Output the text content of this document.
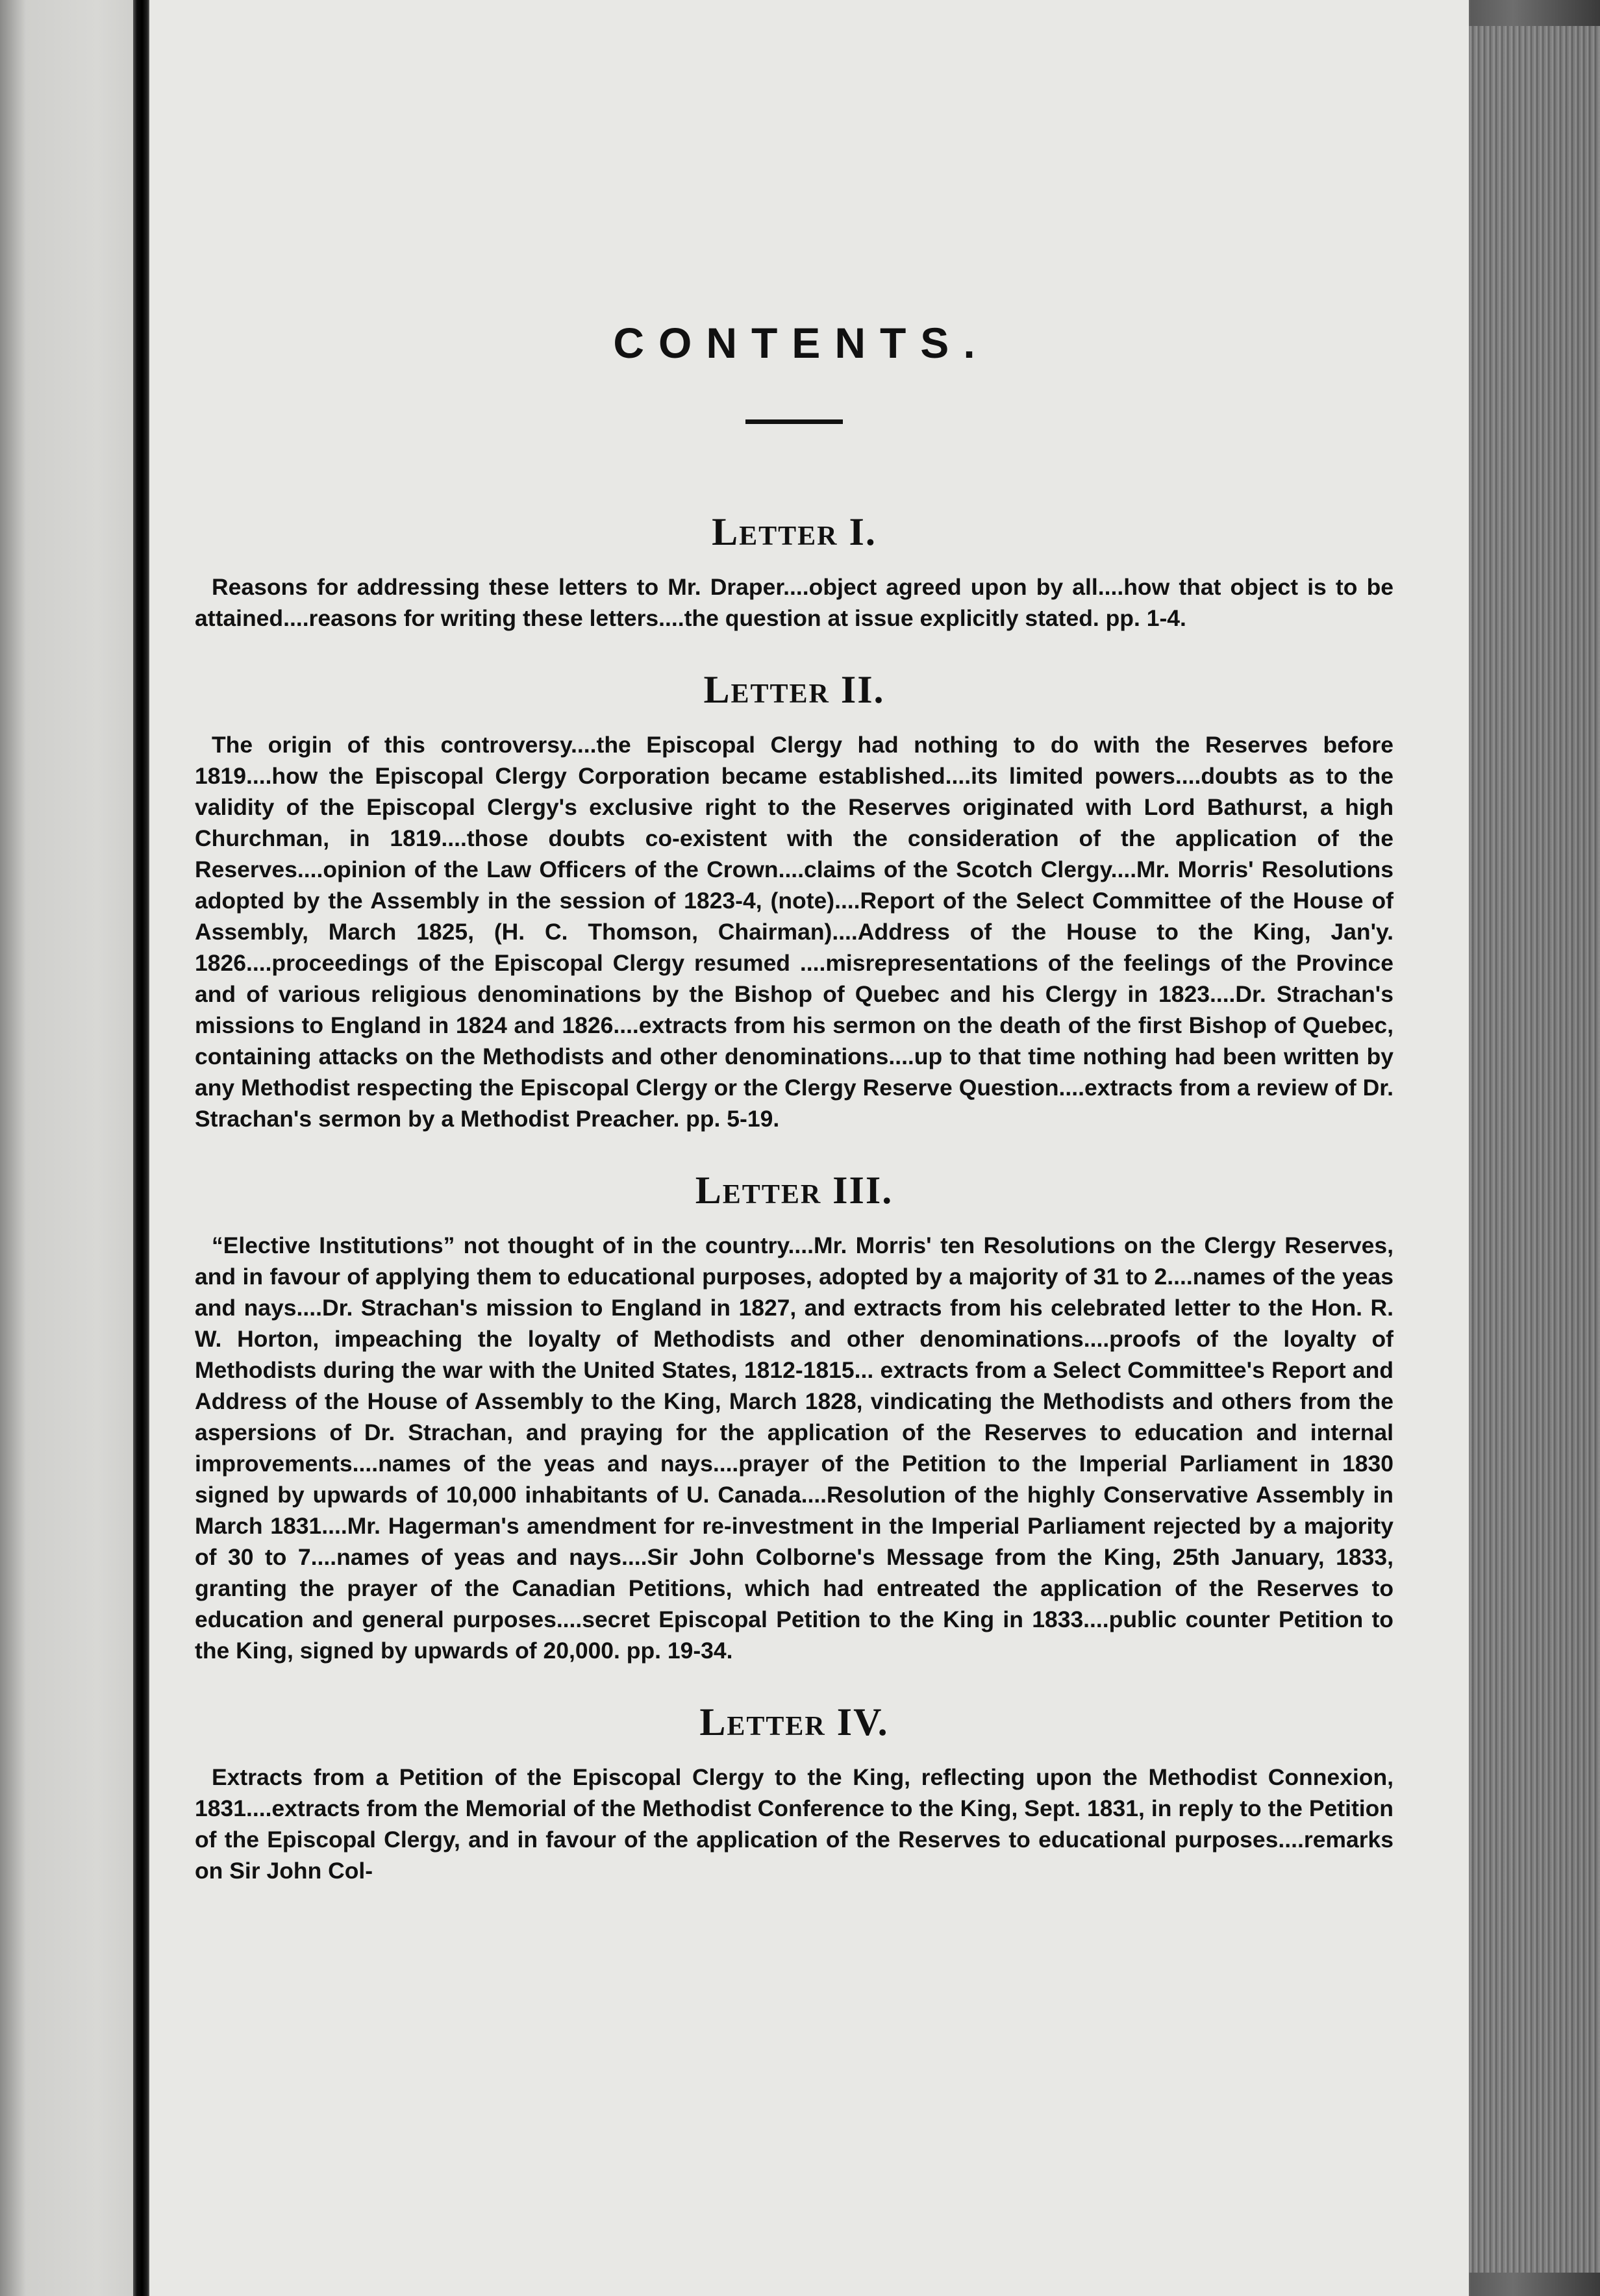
CONTENTS.
Letter I.

Reasons for addressing these letters to Mr. Draper....object agreed upon by all....how that object is to be attained....reasons for writing these letters....the question at issue explicitly stated. pp. 1-4.

Letter II.

The origin of this controversy....the Episcopal Clergy had nothing to do with the Reserves before 1819....how the Episcopal Clergy Corporation became established....its limited powers....doubts as to the validity of the Episcopal Clergy's exclusive right to the Reserves originated with Lord Bathurst, a high Churchman, in 1819....those doubts co-existent with the consideration of the application of the Reserves....opinion of the Law Officers of the Crown....claims of the Scotch Clergy....Mr. Morris' Resolutions adopted by the Assembly in the session of 1823-4, (note)....Report of the Select Committee of the House of Assembly, March 1825, (H. C. Thomson, Chairman)....Address of the House to the King, Jan'y. 1826....proceedings of the Episcopal Clergy resumed ....misrepresentations of the feelings of the Province and of various religious denominations by the Bishop of Quebec and his Clergy in 1823....Dr. Strachan's missions to England in 1824 and 1826....extracts from his sermon on the death of the first Bishop of Quebec, containing attacks on the Methodists and other denominations....up to that time nothing had been written by any Methodist respecting the Episcopal Clergy or the Clergy Reserve Question....extracts from a review of Dr. Strachan's sermon by a Methodist Preacher. pp. 5-19.

Letter III.

“Elective Institutions” not thought of in the country....Mr. Morris' ten Resolutions on the Clergy Reserves, and in favour of applying them to educational purposes, adopted by a majority of 31 to 2....names of the yeas and nays....Dr. Strachan's mission to England in 1827, and extracts from his celebrated letter to the Hon. R. W. Horton, impeaching the loyalty of Methodists and other denominations....proofs of the loyalty of Methodists during the war with the United States, 1812-1815... extracts from a Select Committee's Report and Address of the House of Assembly to the King, March 1828, vindicating the Methodists and others from the aspersions of Dr. Strachan, and praying for the application of the Reserves to education and internal improvements....names of the yeas and nays....prayer of the Petition to the Imperial Parliament in 1830 signed by upwards of 10,000 inhabitants of U. Canada....Resolution of the highly Conservative Assembly in March 1831....Mr. Hagerman's amendment for re-investment in the Imperial Parliament rejected by a majority of 30 to 7....names of yeas and nays....Sir John Colborne's Message from the King, 25th January, 1833, granting the prayer of the Canadian Petitions, which had entreated the application of the Reserves to education and general purposes....secret Episcopal Petition to the King in 1833....public counter Petition to the King, signed by upwards of 20,000. pp. 19-34.

Letter IV.

Extracts from a Petition of the Episcopal Clergy to the King, reflecting upon the Methodist Connexion, 1831....extracts from the Memorial of the Methodist Conference to the King, Sept. 1831, in reply to the Petition of the Episcopal Clergy, and in favour of the application of the Reserves to educational purposes....remarks on Sir John Col-
